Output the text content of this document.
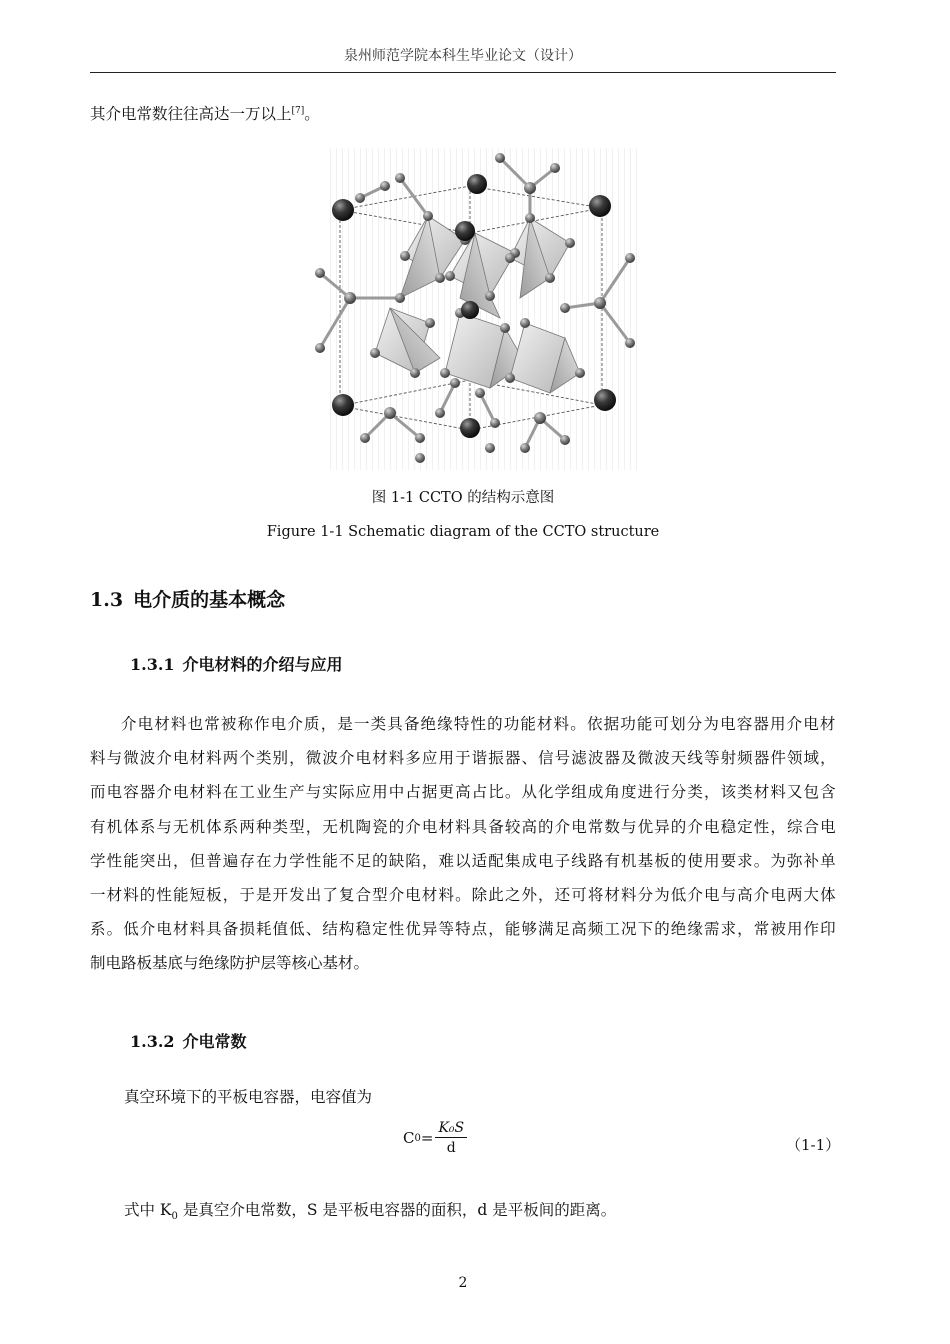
泉州师范学院本科生毕业论文（设计）
其介电常数往往高达一万以上[7]。
图 1-1 CCTO 的结构示意图
Figure 1-1 Schematic diagram of the CCTO structure
1.3 电介质的基本概念
1.3.1 介电材料的介绍与应用
介 电 材 料 也 常 被 称 作 电 介 质 ， 是 一 类 具 备 绝 缘 特 性 的 功 能 材 料 。 依 据 功 能 可 划 分 为 电 容 器 用 介 电 材
料 与 微 波 介 电 材 料 两 个 类 别 ， 微 波 介 电 材 料 多 应 用 于 谐 振 器 、 信 号 滤 波 器 及 微 波 天 线 等 射 频 器 件 领 域 ，
而 电 容 器 介 电 材 料 在 工 业 生 产 与 实 际 应 用 中 占 据 更 高 占 比 。 从 化 学 组 成 角 度 进 行 分 类 ， 该 类 材 料 又 包 含
有 机 体 系 与 无 机 体 系 两 种 类 型 ， 无 机 陶 瓷 的 介 电 材 料 具 备 较 高 的 介 电 常 数 与 优 异 的 介 电 稳 定 性 ， 综 合 电
学 性 能 突 出 ， 但 普 遍 存 在 力 学 性 能 不 足 的 缺 陷 ， 难 以 适 配 集 成 电 子 线 路 有 机 基 板 的 使 用 要 求 。 为 弥 补 单
一 材 料 的 性 能 短 板 ， 于 是 开 发 出 了 复 合 型 介 电 材 料 。 除 此 之 外 ， 还 可 将 材 料 分 为 低 介 电 与 高 介 电 两 大 体
系 。 低 介 电 材 料 具 备 损 耗 值 低 、 结 构 稳 定 性 优 异 等 特 点 ， 能 够 满 足 高 频 工 况 下 的 绝 缘 需 求 ， 常 被 用 作 印
制电路板基底与绝缘防护层等核心基材。
1.3.2 介电常数
真空环境下的平板电容器，电容值为
C $0 = \frac{\text{K₀S}}{d}$	（1-1）
式中 $K_0$ 是真空介电常数，S 是平板电容器的面积，d 是平板间的距离。
2
